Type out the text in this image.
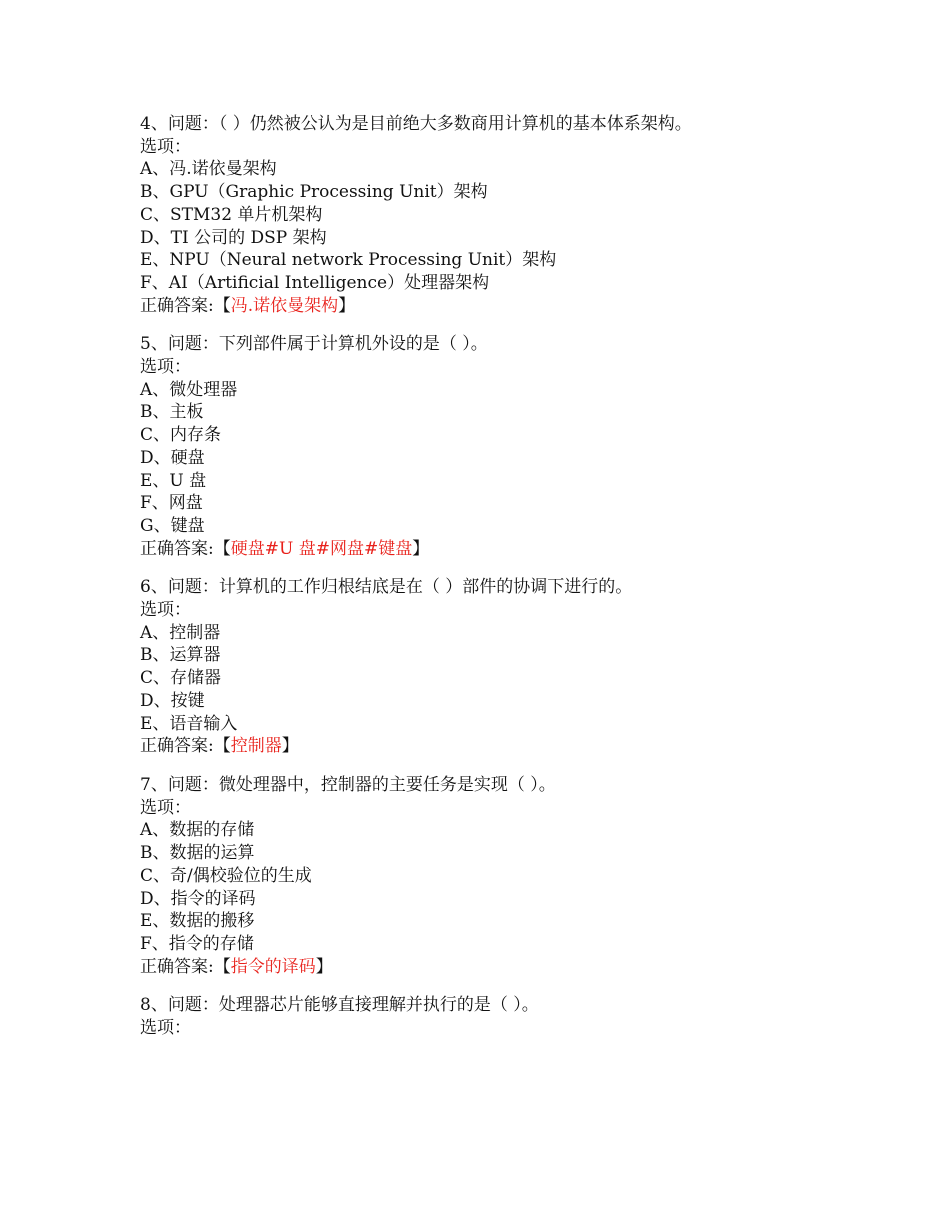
4、问题：（ ）仍然被公认为是目前绝大多数商用计算机的基本体系架构。
选项：
A、冯.诺依曼架构
B、GPU（Graphic Processing Unit）架构
C、STM32 单片机架构
D、TI 公司的 DSP 架构
E、NPU（Neural network Processing Unit）架构
F、AI（Artificial Intelligence）处理器架构
正确答案:【冯.诺依曼架构】
5、问题：下列部件属于计算机外设的是（ ）。
选项：
A、微处理器
B、主板
C、内存条
D、硬盘
E、U 盘
F、网盘
G、键盘
正确答案:【硬盘#U 盘#网盘#键盘】
6、问题：计算机的工作归根结底是在（ ）部件的协调下进行的。
选项：
A、控制器
B、运算器
C、存储器
D、按键
E、语音输入
正确答案:【控制器】
7、问题：微处理器中，控制器的主要任务是实现（ ）。
选项：
A、数据的存储
B、数据的运算
C、奇/偶校验位的生成
D、指令的译码
E、数据的搬移
F、指令的存储
正确答案:【指令的译码】
8、问题：处理器芯片能够直接理解并执行的是（ ）。
选项：
